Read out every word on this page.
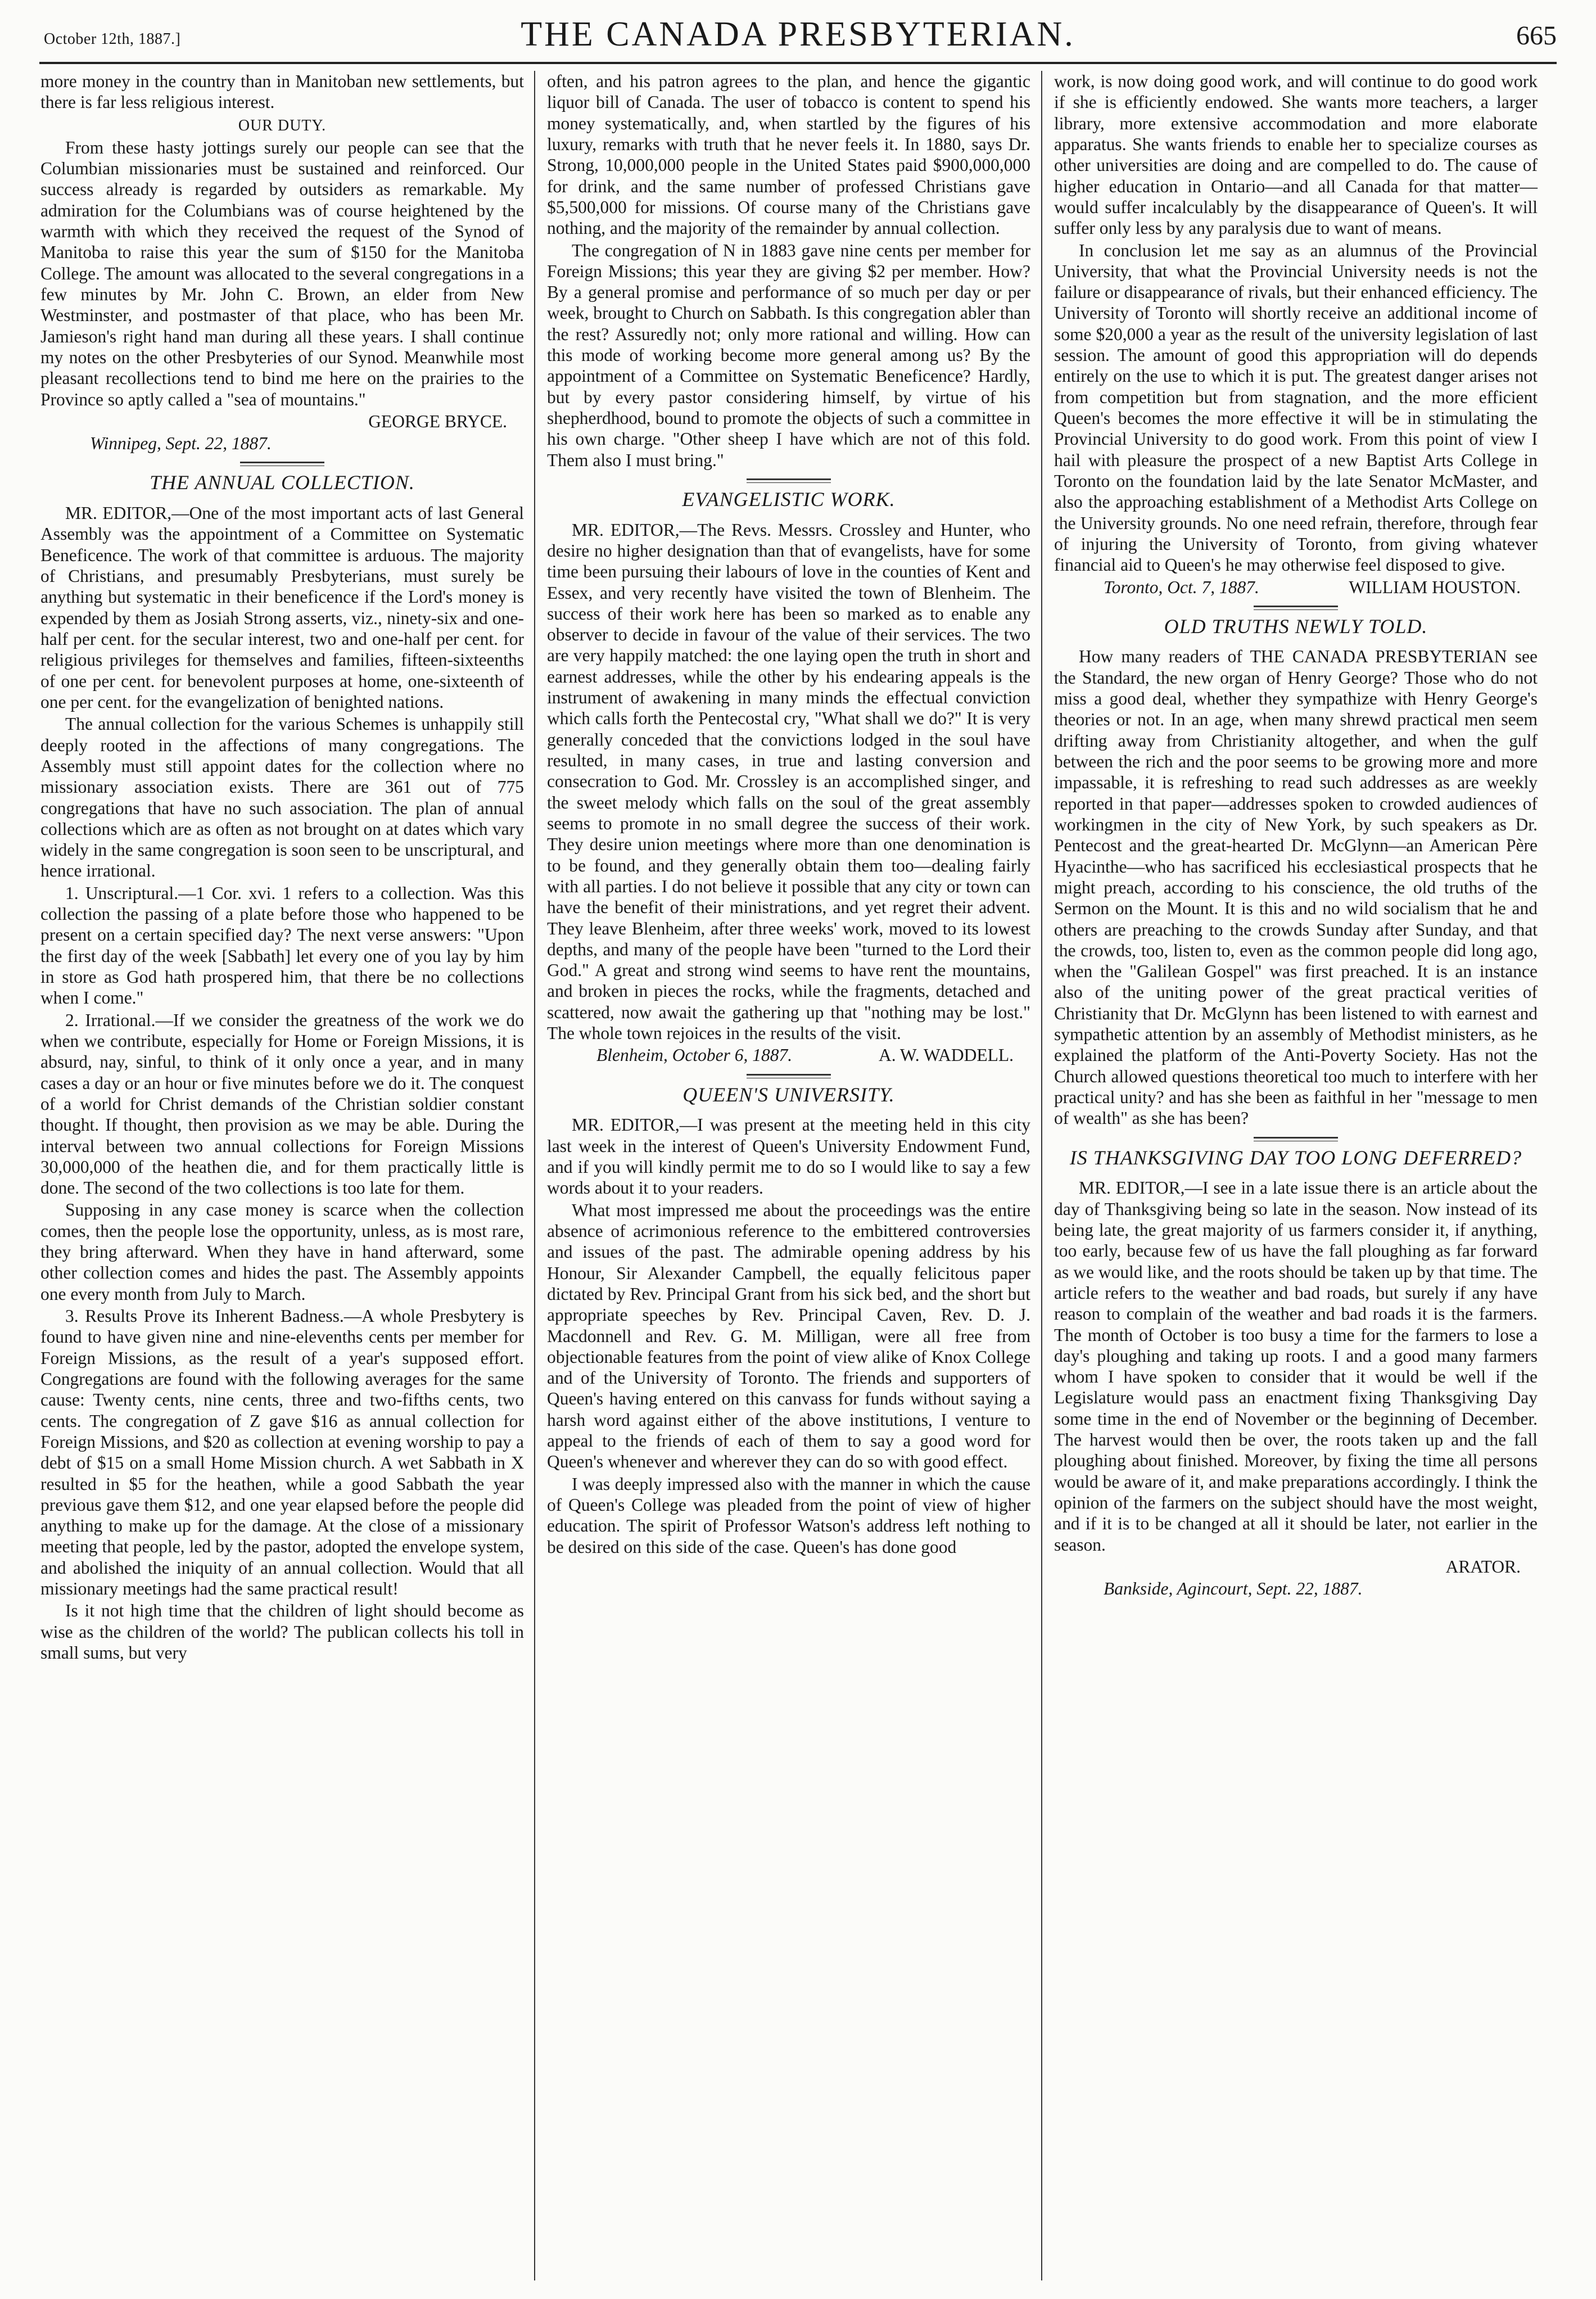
October 12th, 1887.]	THE CANADA PRESBYTERIAN.	665

more money in the country than in Manitoban new settlements, but there is far less religious interest.

OUR DUTY.

From these hasty jottings surely our people can see that the Columbian missionaries must be sustained and reinforced. Our success already is regarded by outsiders as remarkable. My admiration for the Columbians was of course heightened by the warmth with which they received the request of the Synod of Manitoba to raise this year the sum of $150 for the Manitoba College. The amount was allocated to the several congregations in a few minutes by Mr. John C. Brown, an elder from New Westminster, and postmaster of that place, who has been Mr. Jamieson's right hand man during all these years. I shall continue my notes on the other Presbyteries of our Synod. Meanwhile most pleasant recollections tend to bind me here on the prairies to the Province so aptly called a "sea of mountains."

GEORGE BRYCE.

Winnipeg, Sept. 22, 1887.

THE ANNUAL COLLECTION.

MR. EDITOR,—One of the most important acts of last General Assembly was the appointment of a Committee on Systematic Beneficence. The work of that committee is arduous. The majority of Christians, and presumably Presbyterians, must surely be anything but systematic in their beneficence if the Lord's money is expended by them as Josiah Strong asserts, viz., ninety-six and one-half per cent. for the secular interest, two and one-half per cent. for religious privileges for themselves and families, fifteen-sixteenths of one per cent. for benevolent purposes at home, one-sixteenth of one per cent. for the evangelization of benighted nations.

The annual collection for the various Schemes is unhappily still deeply rooted in the affections of many congregations. The Assembly must still appoint dates for the collection where no missionary association exists. There are 361 out of 775 congregations that have no such association. The plan of annual collections which are as often as not brought on at dates which vary widely in the same congregation is soon seen to be unscriptural, and hence irrational.

1. Unscriptural.—1 Cor. xvi. 1 refers to a collection. Was this collection the passing of a plate before those who happened to be present on a certain specified day? The next verse answers: "Upon the first day of the week [Sabbath] let every one of you lay by him in store as God hath prospered him, that there be no collections when I come."

2. Irrational.—If we consider the greatness of the work we do when we contribute, especially for Home or Foreign Missions, it is absurd, nay, sinful, to think of it only once a year, and in many cases a day or an hour or five minutes before we do it. The conquest of a world for Christ demands of the Christian soldier constant thought. If thought, then provision as we may be able. During the interval between two annual collections for Foreign Missions 30,000,000 of the heathen die, and for them practically little is done. The second of the two collections is too late for them.

Supposing in any case money is scarce when the collection comes, then the people lose the opportunity, unless, as is most rare, they bring afterward. When they have in hand afterward, some other collection comes and hides the past. The Assembly appoints one every month from July to March.

3. Results Prove its Inherent Badness.—A whole Presbytery is found to have given nine and nine-elevenths cents per member for Foreign Missions, as the result of a year's supposed effort. Congregations are found with the following averages for the same cause: Twenty cents, nine cents, three and two-fifths cents, two cents. The congregation of Z gave $16 as annual collection for Foreign Missions, and $20 as collection at evening worship to pay a debt of $15 on a small Home Mission church. A wet Sabbath in X resulted in $5 for the heathen, while a good Sabbath the year previous gave them $12, and one year elapsed before the people did anything to make up for the damage. At the close of a missionary meeting that people, led by the pastor, adopted the envelope system, and abolished the iniquity of an annual collection. Would that all missionary meetings had the same practical result!

Is it not high time that the children of light should become as wise as the children of the world? The publican collects his toll in small sums, but very

often, and his patron agrees to the plan, and hence the gigantic liquor bill of Canada. The user of tobacco is content to spend his money systematically, and, when startled by the figures of his luxury, remarks with truth that he never feels it. In 1880, says Dr. Strong, 10,000,000 people in the United States paid $900,000,000 for drink, and the same number of professed Christians gave $5,500,000 for missions. Of course many of the Christians gave nothing, and the majority of the remainder by annual collection.

The congregation of N in 1883 gave nine cents per member for Foreign Missions; this year they are giving $2 per member. How? By a general promise and performance of so much per day or per week, brought to Church on Sabbath. Is this congregation abler than the rest? Assuredly not; only more rational and willing. How can this mode of working become more general among us? By the appointment of a Committee on Systematic Beneficence? Hardly, but by every pastor considering himself, by virtue of his shepherdhood, bound to promote the objects of such a committee in his own charge. "Other sheep I have which are not of this fold. Them also I must bring."

EVANGELISTIC WORK.

MR. EDITOR,—The Revs. Messrs. Crossley and Hunter, who desire no higher designation than that of evangelists, have for some time been pursuing their labours of love in the counties of Kent and Essex, and very recently have visited the town of Blenheim. The success of their work here has been so marked as to enable any observer to decide in favour of the value of their services. The two are very happily matched: the one laying open the truth in short and earnest addresses, while the other by his endearing appeals is the instrument of awakening in many minds the effectual conviction which calls forth the Pentecostal cry, "What shall we do?" It is very generally conceded that the convictions lodged in the soul have resulted, in many cases, in true and lasting conversion and consecration to God. Mr. Crossley is an accomplished singer, and the sweet melody which falls on the soul of the great assembly seems to promote in no small degree the success of their work. They desire union meetings where more than one denomination is to be found, and they generally obtain them too—dealing fairly with all parties. I do not believe it possible that any city or town can have the benefit of their ministrations, and yet regret their advent. They leave Blenheim, after three weeks' work, moved to its lowest depths, and many of the people have been "turned to the Lord their God." A great and strong wind seems to have rent the mountains, and broken in pieces the rocks, while the fragments, detached and scattered, now await the gathering up that "nothing may be lost." The whole town rejoices in the results of the visit.

Blenheim, October 6, 1887.	A. W. WADDELL.

QUEEN'S UNIVERSITY.

MR. EDITOR,—I was present at the meeting held in this city last week in the interest of Queen's University Endowment Fund, and if you will kindly permit me to do so I would like to say a few words about it to your readers.

What most impressed me about the proceedings was the entire absence of acrimonious reference to the embittered controversies and issues of the past. The admirable opening address by his Honour, Sir Alexander Campbell, the equally felicitous paper dictated by Rev. Principal Grant from his sick bed, and the short but appropriate speeches by Rev. Principal Caven, Rev. D. J. Macdonnell and Rev. G. M. Milligan, were all free from objectionable features from the point of view alike of Knox College and of the University of Toronto. The friends and supporters of Queen's having entered on this canvass for funds without saying a harsh word against either of the above institutions, I venture to appeal to the friends of each of them to say a good word for Queen's whenever and wherever they can do so with good effect.

I was deeply impressed also with the manner in which the cause of Queen's College was pleaded from the point of view of higher education. The spirit of Professor Watson's address left nothing to be desired on this side of the case. Queen's has done good

work, is now doing good work, and will continue to do good work if she is efficiently endowed. She wants more teachers, a larger library, more extensive accommodation and more elaborate apparatus. She wants friends to enable her to specialize courses as other universities are doing and are compelled to do. The cause of higher education in Ontario—and all Canada for that matter—would suffer incalculably by the disappearance of Queen's. It will suffer only less by any paralysis due to want of means.

In conclusion let me say as an alumnus of the Provincial University, that what the Provincial University needs is not the failure or disappearance of rivals, but their enhanced efficiency. The University of Toronto will shortly receive an additional income of some $20,000 a year as the result of the university legislation of last session. The amount of good this appropriation will do depends entirely on the use to which it is put. The greatest danger arises not from competition but from stagnation, and the more efficient Queen's becomes the more effective it will be in stimulating the Provincial University to do good work. From this point of view I hail with pleasure the prospect of a new Baptist Arts College in Toronto on the foundation laid by the late Senator McMaster, and also the approaching establishment of a Methodist Arts College on the University grounds. No one need refrain, therefore, through fear of injuring the University of Toronto, from giving whatever financial aid to Queen's he may otherwise feel disposed to give.

Toronto, Oct. 7, 1887.	WILLIAM HOUSTON.

OLD TRUTHS NEWLY TOLD.

How many readers of THE CANADA PRESBYTERIAN see the Standard, the new organ of Henry George? Those who do not miss a good deal, whether they sympathize with Henry George's theories or not. In an age, when many shrewd practical men seem drifting away from Christianity altogether, and when the gulf between the rich and the poor seems to be growing more and more impassable, it is refreshing to read such addresses as are weekly reported in that paper—addresses spoken to crowded audiences of workingmen in the city of New York, by such speakers as Dr. Pentecost and the great-hearted Dr. McGlynn—an American Père Hyacinthe—who has sacrificed his ecclesiastical prospects that he might preach, according to his conscience, the old truths of the Sermon on the Mount. It is this and no wild socialism that he and others are preaching to the crowds Sunday after Sunday, and that the crowds, too, listen to, even as the common people did long ago, when the "Galilean Gospel" was first preached. It is an instance also of the uniting power of the great practical verities of Christianity that Dr. McGlynn has been listened to with earnest and sympathetic attention by an assembly of Methodist ministers, as he explained the platform of the Anti-Poverty Society. Has not the Church allowed questions theoretical too much to interfere with her practical unity? and has she been as faithful in her "message to men of wealth" as she has been?

IS THANKSGIVING DAY TOO LONG DEFERRED?

MR. EDITOR,—I see in a late issue there is an article about the day of Thanksgiving being so late in the season. Now instead of its being late, the great majority of us farmers consider it, if anything, too early, because few of us have the fall ploughing as far forward as we would like, and the roots should be taken up by that time. The article refers to the weather and bad roads, but surely if any have reason to complain of the weather and bad roads it is the farmers. The month of October is too busy a time for the farmers to lose a day's ploughing and taking up roots. I and a good many farmers whom I have spoken to consider that it would be well if the Legislature would pass an enactment fixing Thanksgiving Day some time in the end of November or the beginning of December. The harvest would then be over, the roots taken up and the fall ploughing about finished. Moreover, by fixing the time all persons would be aware of it, and make preparations accordingly. I think the opinion of the farmers on the subject should have the most weight, and if it is to be changed at all it should be later, not earlier in the season.

ARATOR.

Bankside, Agincourt, Sept. 22, 1887.
